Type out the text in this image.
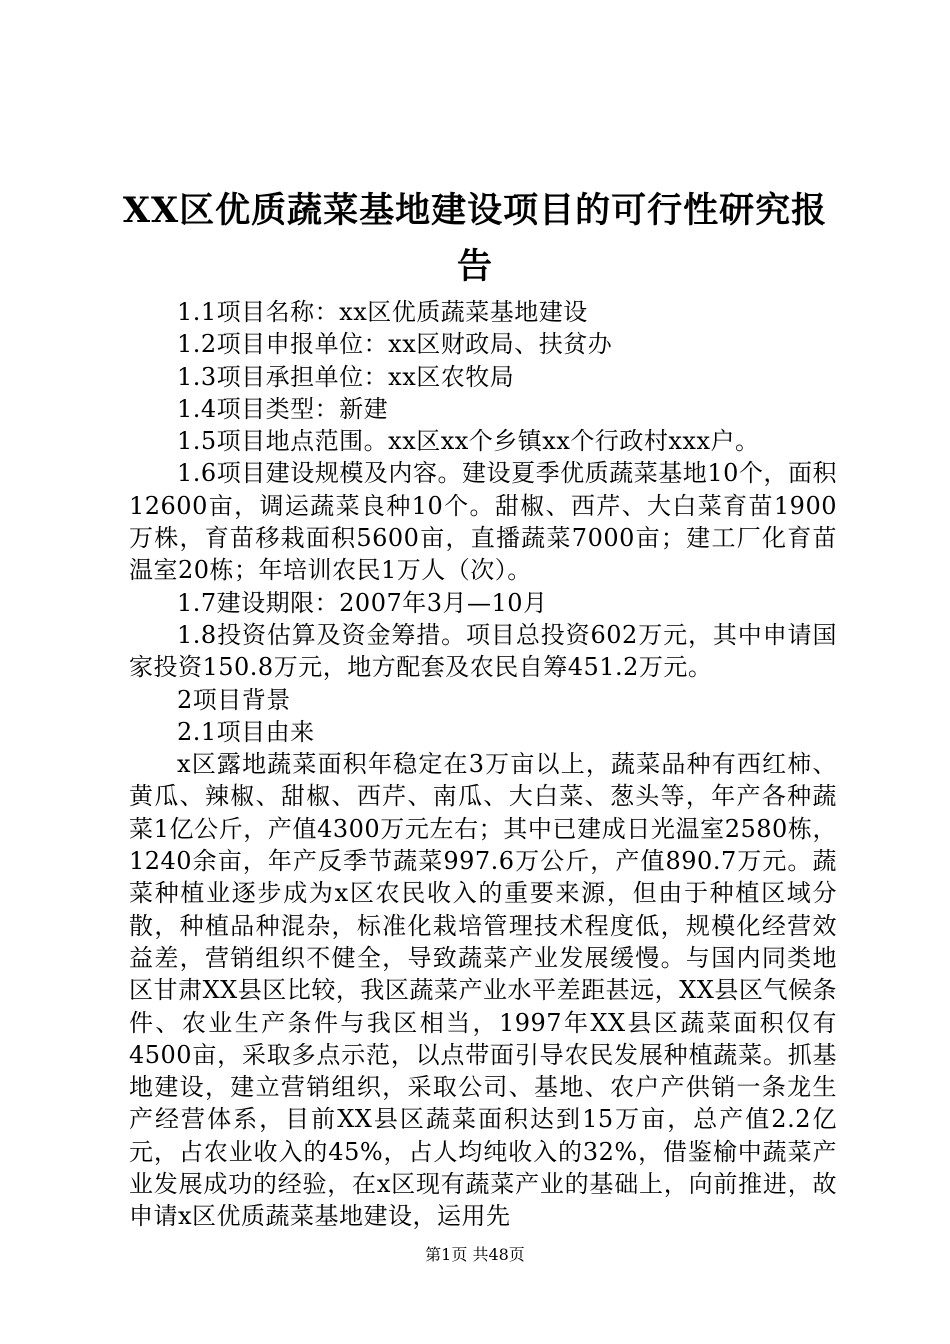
XX区优质蔬菜基地建设项目的可行性研究报
告

1.1项目名称：xx区优质蔬菜基地建设

1.2项目申报单位：xx区财政局、扶贫办

1.3项目承担单位：xx区农牧局

1.4项目类型：新建

1.5项目地点范围。xx区xx个乡镇xx个行政村xxx户。

1.6项目建设规模及内容。建设夏季优质蔬菜基地10个，面积12600亩，调运蔬菜良种10个。甜椒、西芹、大白菜育苗1900万株，育苗移栽面积5600亩，直播蔬菜7000亩；建工厂化育苗温室20栋；年培训农民1万人（次）。

1.7建设期限：2007年3月—10月

1.8投资估算及资金筹措。项目总投资602万元，其中申请国家投资150.8万元，地方配套及农民自筹451.2万元。

2项目背景

2.1项目由来

x区露地蔬菜面积年稳定在3万亩以上，蔬菜品种有西红柿、黄瓜、辣椒、甜椒、西芹、南瓜、大白菜、葱头等，年产各种蔬菜1亿公斤，产值4300万元左右；其中已建成日光温室2580栋，1240余亩，年产反季节蔬菜997.6万公斤，产值890.7万元。蔬菜种植业逐步成为x区农民收入的重要来源，但由于种植区域分散，种植品种混杂，标准化栽培管理技术程度低，规模化经营效益差，营销组织不健全，导致蔬菜产业发展缓慢。与国内同类地区甘肃XX县区比较，我区蔬菜产业水平差距甚远，XX县区气候条件、农业生产条件与我区相当，1997年XX县区蔬菜面积仅有4500亩，采取多点示范，以点带面引导农民发展种植蔬菜。抓基地建设，建立营销组织，采取公司、基地、农户产供销一条龙生产经营体系，目前XX县区蔬菜面积达到15万亩，总产值2.2亿元，占农业收入的45%，占人均纯收入的32%，借鉴榆中蔬菜产业发展成功的经验，在x区现有蔬菜产业的基础上，向前推进，故申请x区优质蔬菜基地建设，运用先

第1页 共48页
